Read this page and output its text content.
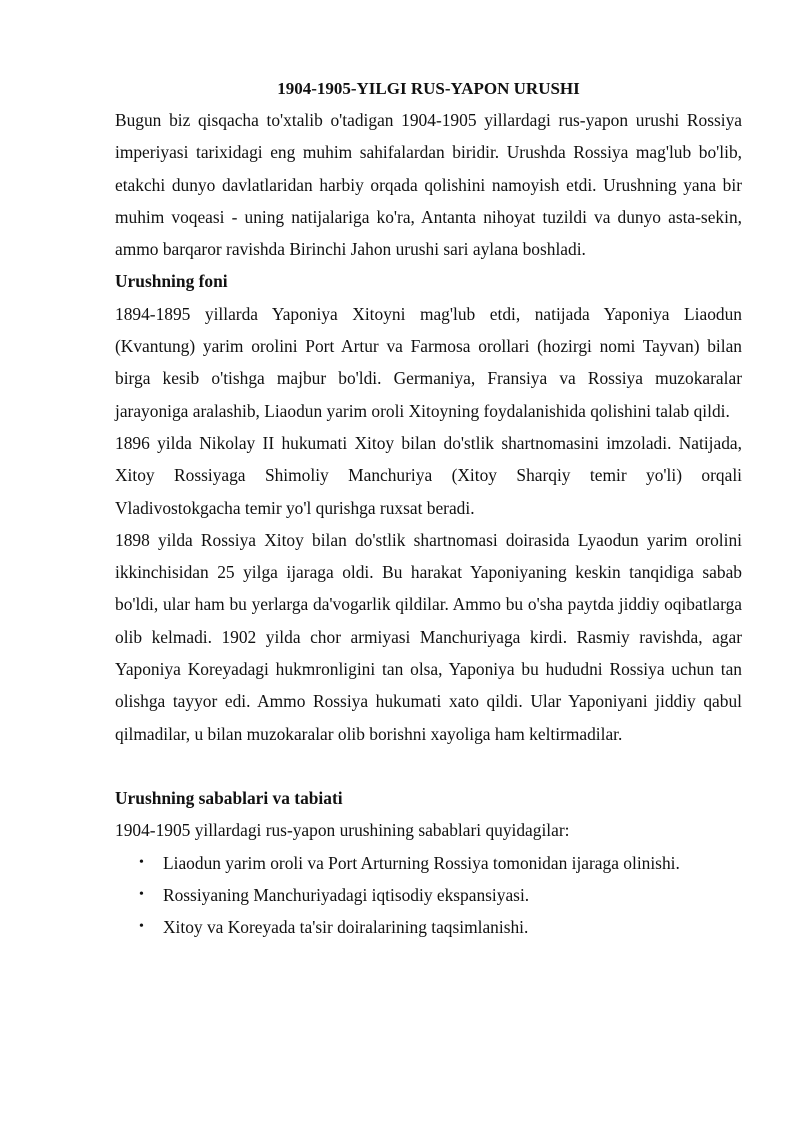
1904-1905-YILGI RUS-YAPON URUSHI

Bugun biz qisqacha to'xtalib o'tadigan 1904-1905 yillardagi rus-yapon urushi Rossiya imperiyasi tarixidagi eng muhim sahifalardan biridir. Urushda Rossiya mag'lub bo'lib, etakchi dunyo davlatlaridan harbiy orqada qolishini namoyish etdi. Urushning yana bir muhim voqeasi - uning natijalariga ko'ra, Antanta nihoyat tuzildi va dunyo asta-sekin, ammo barqaror ravishda Birinchi Jahon urushi sari aylana boshladi.

Urushning foni

1894-1895 yillarda Yaponiya Xitoyni mag'lub etdi, natijada Yaponiya Liaodun (Kvantung) yarim orolini Port Artur va Farmosa orollari (hozirgi nomi Tayvan) bilan birga kesib o'tishga majbur bo'ldi. Germaniya, Fransiya va Rossiya muzokaralar jarayoniga aralashib, Liaodun yarim oroli Xitoyning foydalanishida qolishini talab qildi.

1896 yilda Nikolay II hukumati Xitoy bilan do'stlik shartnomasini imzoladi. Natijada, Xitoy Rossiyaga Shimoliy Manchuriya (Xitoy Sharqiy temir yo'li) orqali Vladivostokgacha temir yo'l qurishga ruxsat beradi.

1898 yilda Rossiya Xitoy bilan do'stlik shartnomasi doirasida Lyaodun yarim orolini ikkinchisidan 25 yilga ijaraga oldi. Bu harakat Yaponiyaning keskin tanqidiga sabab bo'ldi, ular ham bu yerlarga da'vogarlik qildilar. Ammo bu o'sha paytda jiddiy oqibatlarga olib kelmadi. 1902 yilda chor armiyasi Manchuriyaga kirdi. Rasmiy ravishda, agar Yaponiya Koreyadagi hukmronligini tan olsa, Yaponiya bu hududni Rossiya uchun tan olishga tayyor edi. Ammo Rossiya hukumati xato qildi. Ular Yaponiyani jiddiy qabul qilmadilar, u bilan muzokaralar olib borishni xayoliga ham keltirmadilar.

Urushning sabablari va tabiati

1904-1905 yillardagi rus-yapon urushining sabablari quyidagilar:

• Liaodun yarim oroli va Port Arturning Rossiya tomonidan ijaraga olinishi.
• Rossiyaning Manchuriyadagi iqtisodiy ekspansiyasi.
• Xitoy va Koreyada ta'sir doiralarining taqsimlanishi.
